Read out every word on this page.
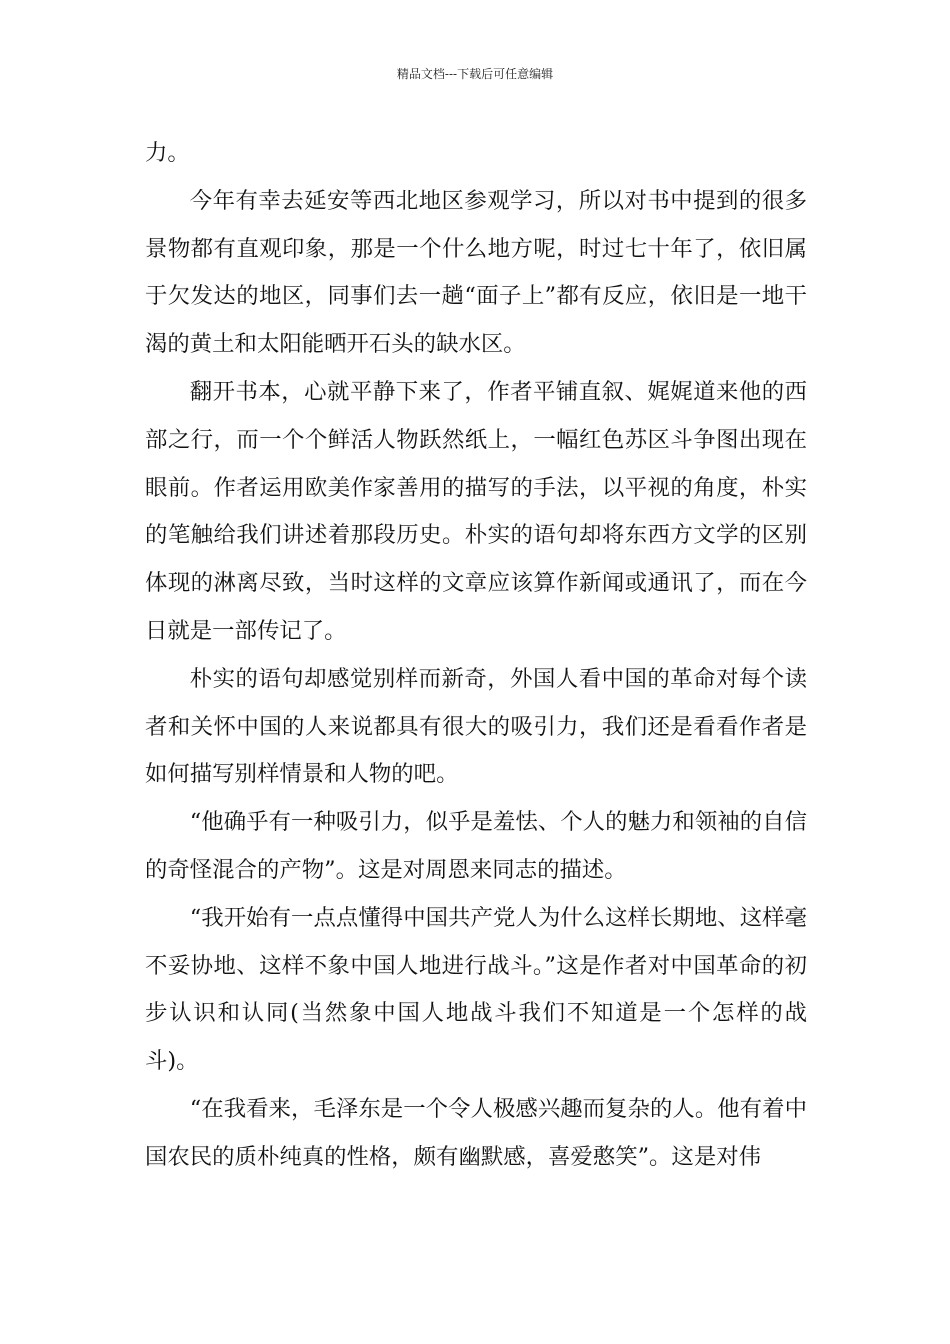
精品文档---下载后可任意编辑

力。

今年有幸去延安等西北地区参观学习，所以对书中提到的很多景物都有直观印象，那是一个什么地方呢，时过七十年了，依旧属于欠发达的地区，同事们去一趟“面子上”都有反应，依旧是一地干渴的黄土和太阳能晒开石头的缺水区。

翻开书本，心就平静下来了，作者平铺直叙、娓娓道来他的西部之行，而一个个鲜活人物跃然纸上，一幅红色苏区斗争图出现在眼前。作者运用欧美作家善用的描写的手法，以平视的角度，朴实的笔触给我们讲述着那段历史。朴实的语句却将东西方文学的区别体现的淋离尽致，当时这样的文章应该算作新闻或通讯了，而在今日就是一部传记了。

朴实的语句却感觉别样而新奇，外国人看中国的革命对每个读者和关怀中国的人来说都具有很大的吸引力，我们还是看看作者是如何描写别样情景和人物的吧。

“他确乎有一种吸引力，似乎是羞怯、个人的魅力和领袖的自信的奇怪混合的产物”。这是对周恩来同志的描述。

“我开始有一点点懂得中国共产党人为什么这样长期地、这样毫不妥协地、这样不象中国人地进行战斗。”这是作者对中国革命的初步认识和认同(当然象中国人地战斗我们不知道是一个怎样的战斗)。

“在我看来，毛泽东是一个令人极感兴趣而复杂的人。他有着中国农民的质朴纯真的性格，颇有幽默感，喜爱憨笑”。这是对伟
